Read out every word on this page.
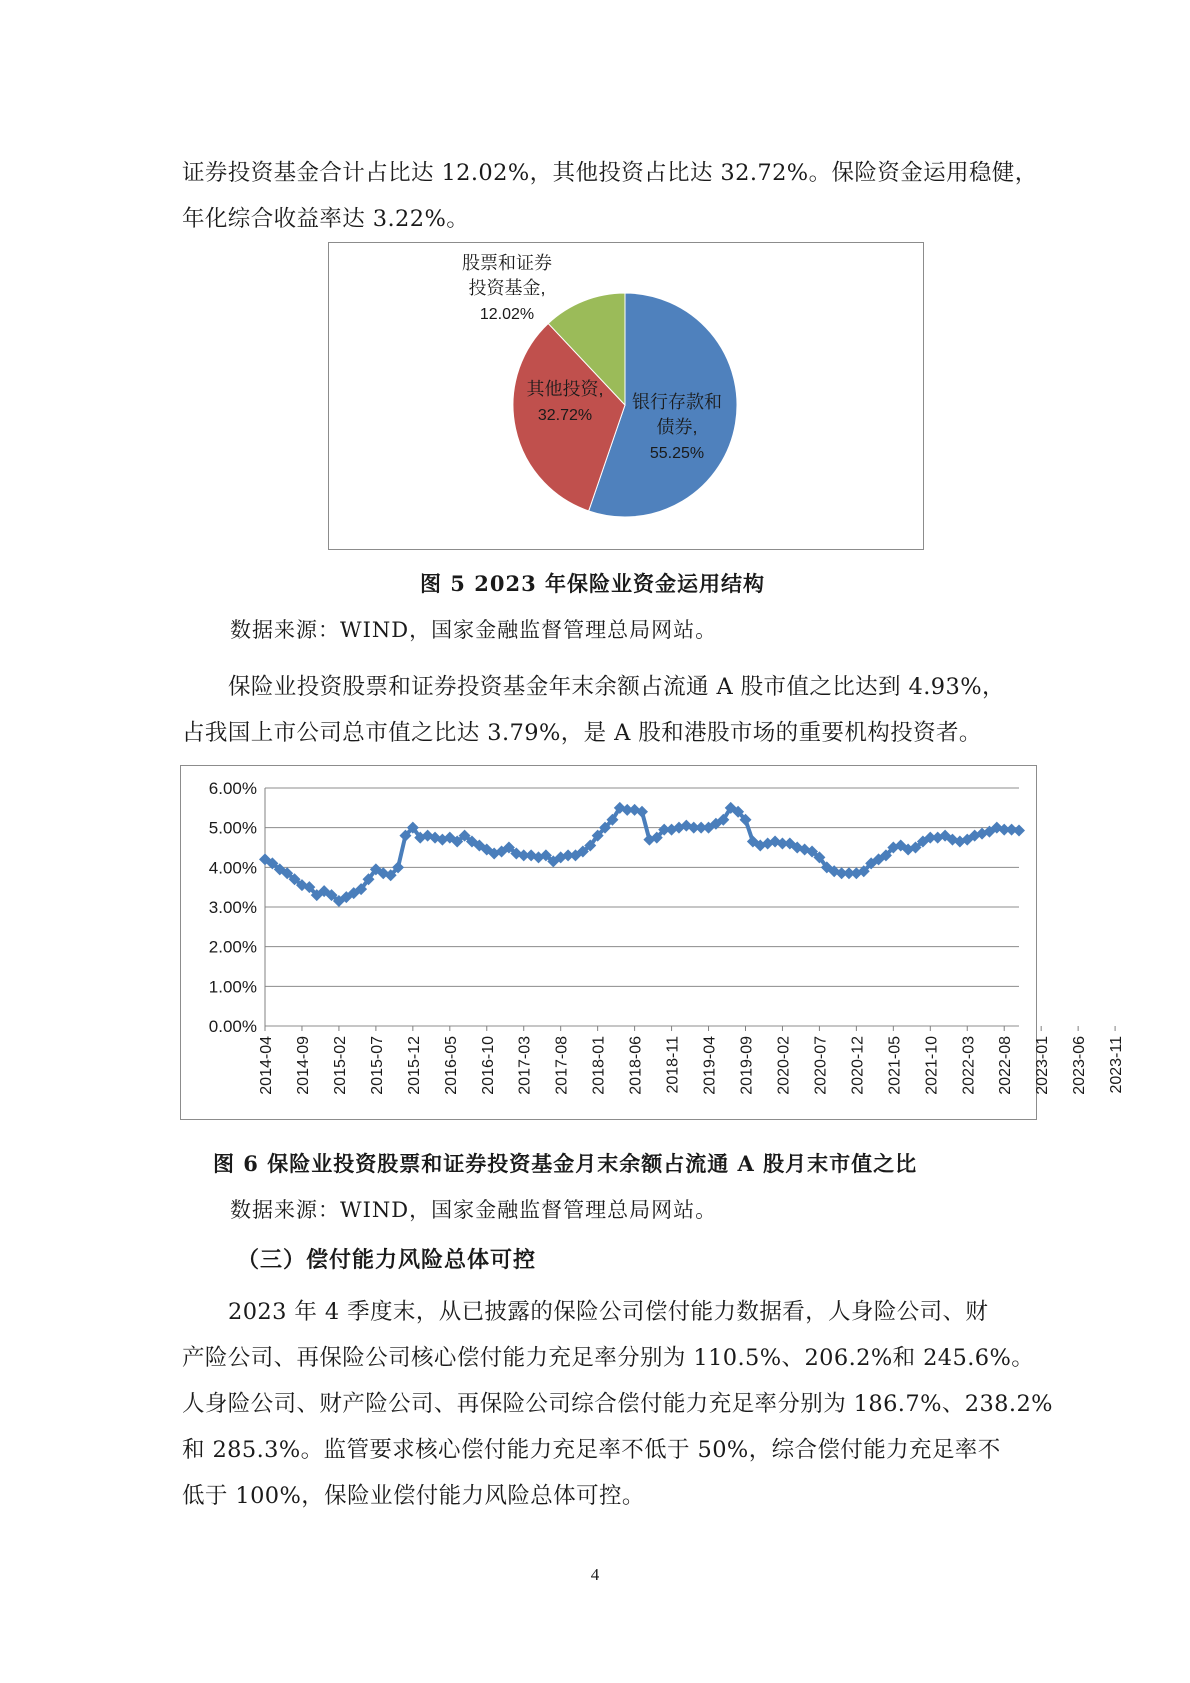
证券投资基金合计占比达 12.02%，其他投资占比达 32.72%。保险资金运用稳健，

年化综合收益率达 3.22%。

银行存款和
债券,
55.25%
其他投资,
32.72%
股票和证券
投资基金,
12.02%
图 5 2023 年保险业资金运用结构
数据来源：WIND，国家金融监督管理总局网站。

保险业投资股票和证券投资基金年末余额占流通 A 股市值之比达到 4.93%，

占我国上市公司总市值之比达 3.79%，是 A 股和港股市场的重要机构投资者。

0.00%
1.00%
2.00%
3.00%
4.00%
5.00%
6.00%
2014-04 2014-09 2015-02 2015-07 2015-12 2016-05 2016-10 2017-03 2017-08 2018-01 2018-06 2018-11 2019-04 2019-09 2020-02 2020-07 2020-12 2021-05 2021-10 2022-03 2022-08 2023-01 2023-06 2023-11
图 6 保险业投资股票和证券投资基金月末余额占流通 A 股月末市值之比
数据来源：WIND，国家金融监督管理总局网站。
（三）偿付能力风险总体可控

2023 年 4 季度末，从已披露的保险公司偿付能力数据看，人身险公司、财

产险公司、再保险公司核心偿付能力充足率分别为 110.5%、206.2%和 245.6%。

人身险公司、财产险公司、再保险公司综合偿付能力充足率分别为 186.7%、238.2%

和 285.3%。监管要求核心偿付能力充足率不低于 50%，综合偿付能力充足率不

低于 100%，保险业偿付能力风险总体可控。

4
